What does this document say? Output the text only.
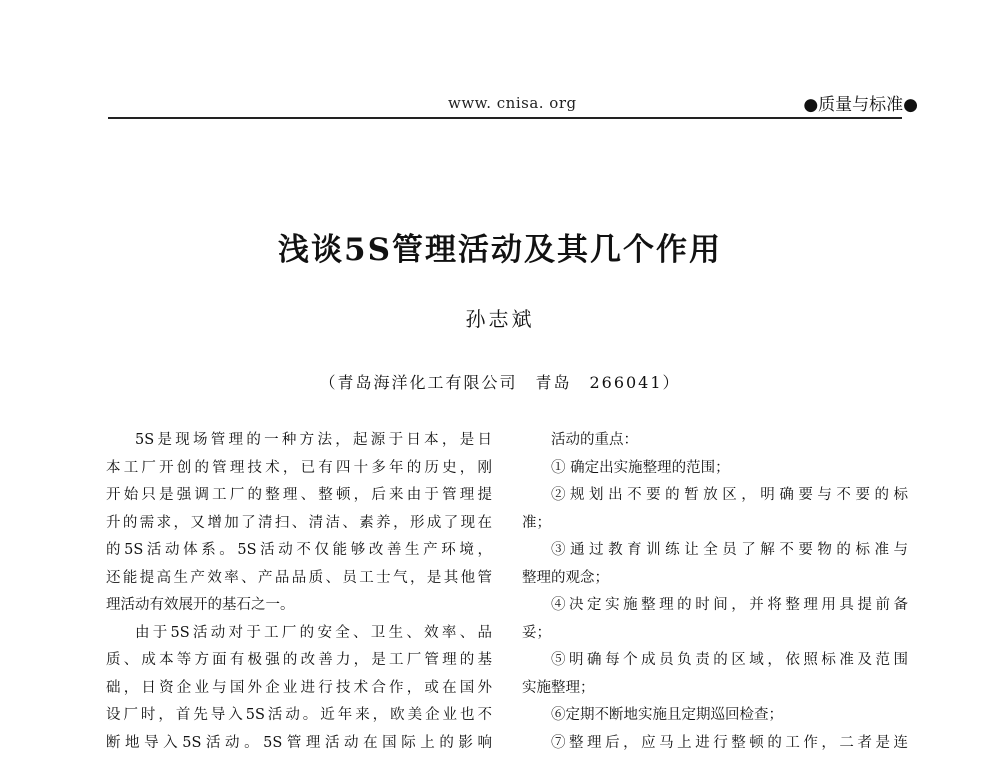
www. cnisa. org	●质量与标准●
浅谈5S管理活动及其几个作用
孙志斌
（青岛海洋化工有限公司　青岛　266041）

5S是现场管理的一种方法，起源于日本，是日

本工厂开创的管理技术，已有四十多年的历史，刚

开始只是强调工厂的整理、整顿，后来由于管理提

升的需求，又增加了清扫、清洁、素养，形成了现在

的5S活动体系。5S活动不仅能够改善生产环境，

还能提高生产效率、产品品质、员工士气，是其他管

理活动有效展开的基石之一。

由于5S活动对于工厂的安全、卫生、效率、品

质、成本等方面有极强的改善力，是工厂管理的基

础，日资企业与国外企业进行技术合作，或在国外

设厂时，首先导入5S活动。近年来，欧美企业也不

断地导入5S活动。5S管理活动在国际上的影响

活动的重点：

① 确定出实施整理的范围；

②规划出不要的暂放区，明确要与不要的标

准；

③通过教育训练让全员了解不要物的标准与

整理的观念；

④决定实施整理的时间，并将整理用具提前备

妥；

⑤明确每个成员负责的区域，依照标准及范围

实施整理；

⑥定期不断地实施且定期巡回检查；

⑦整理后，应马上进行整顿的工作，二者是连
